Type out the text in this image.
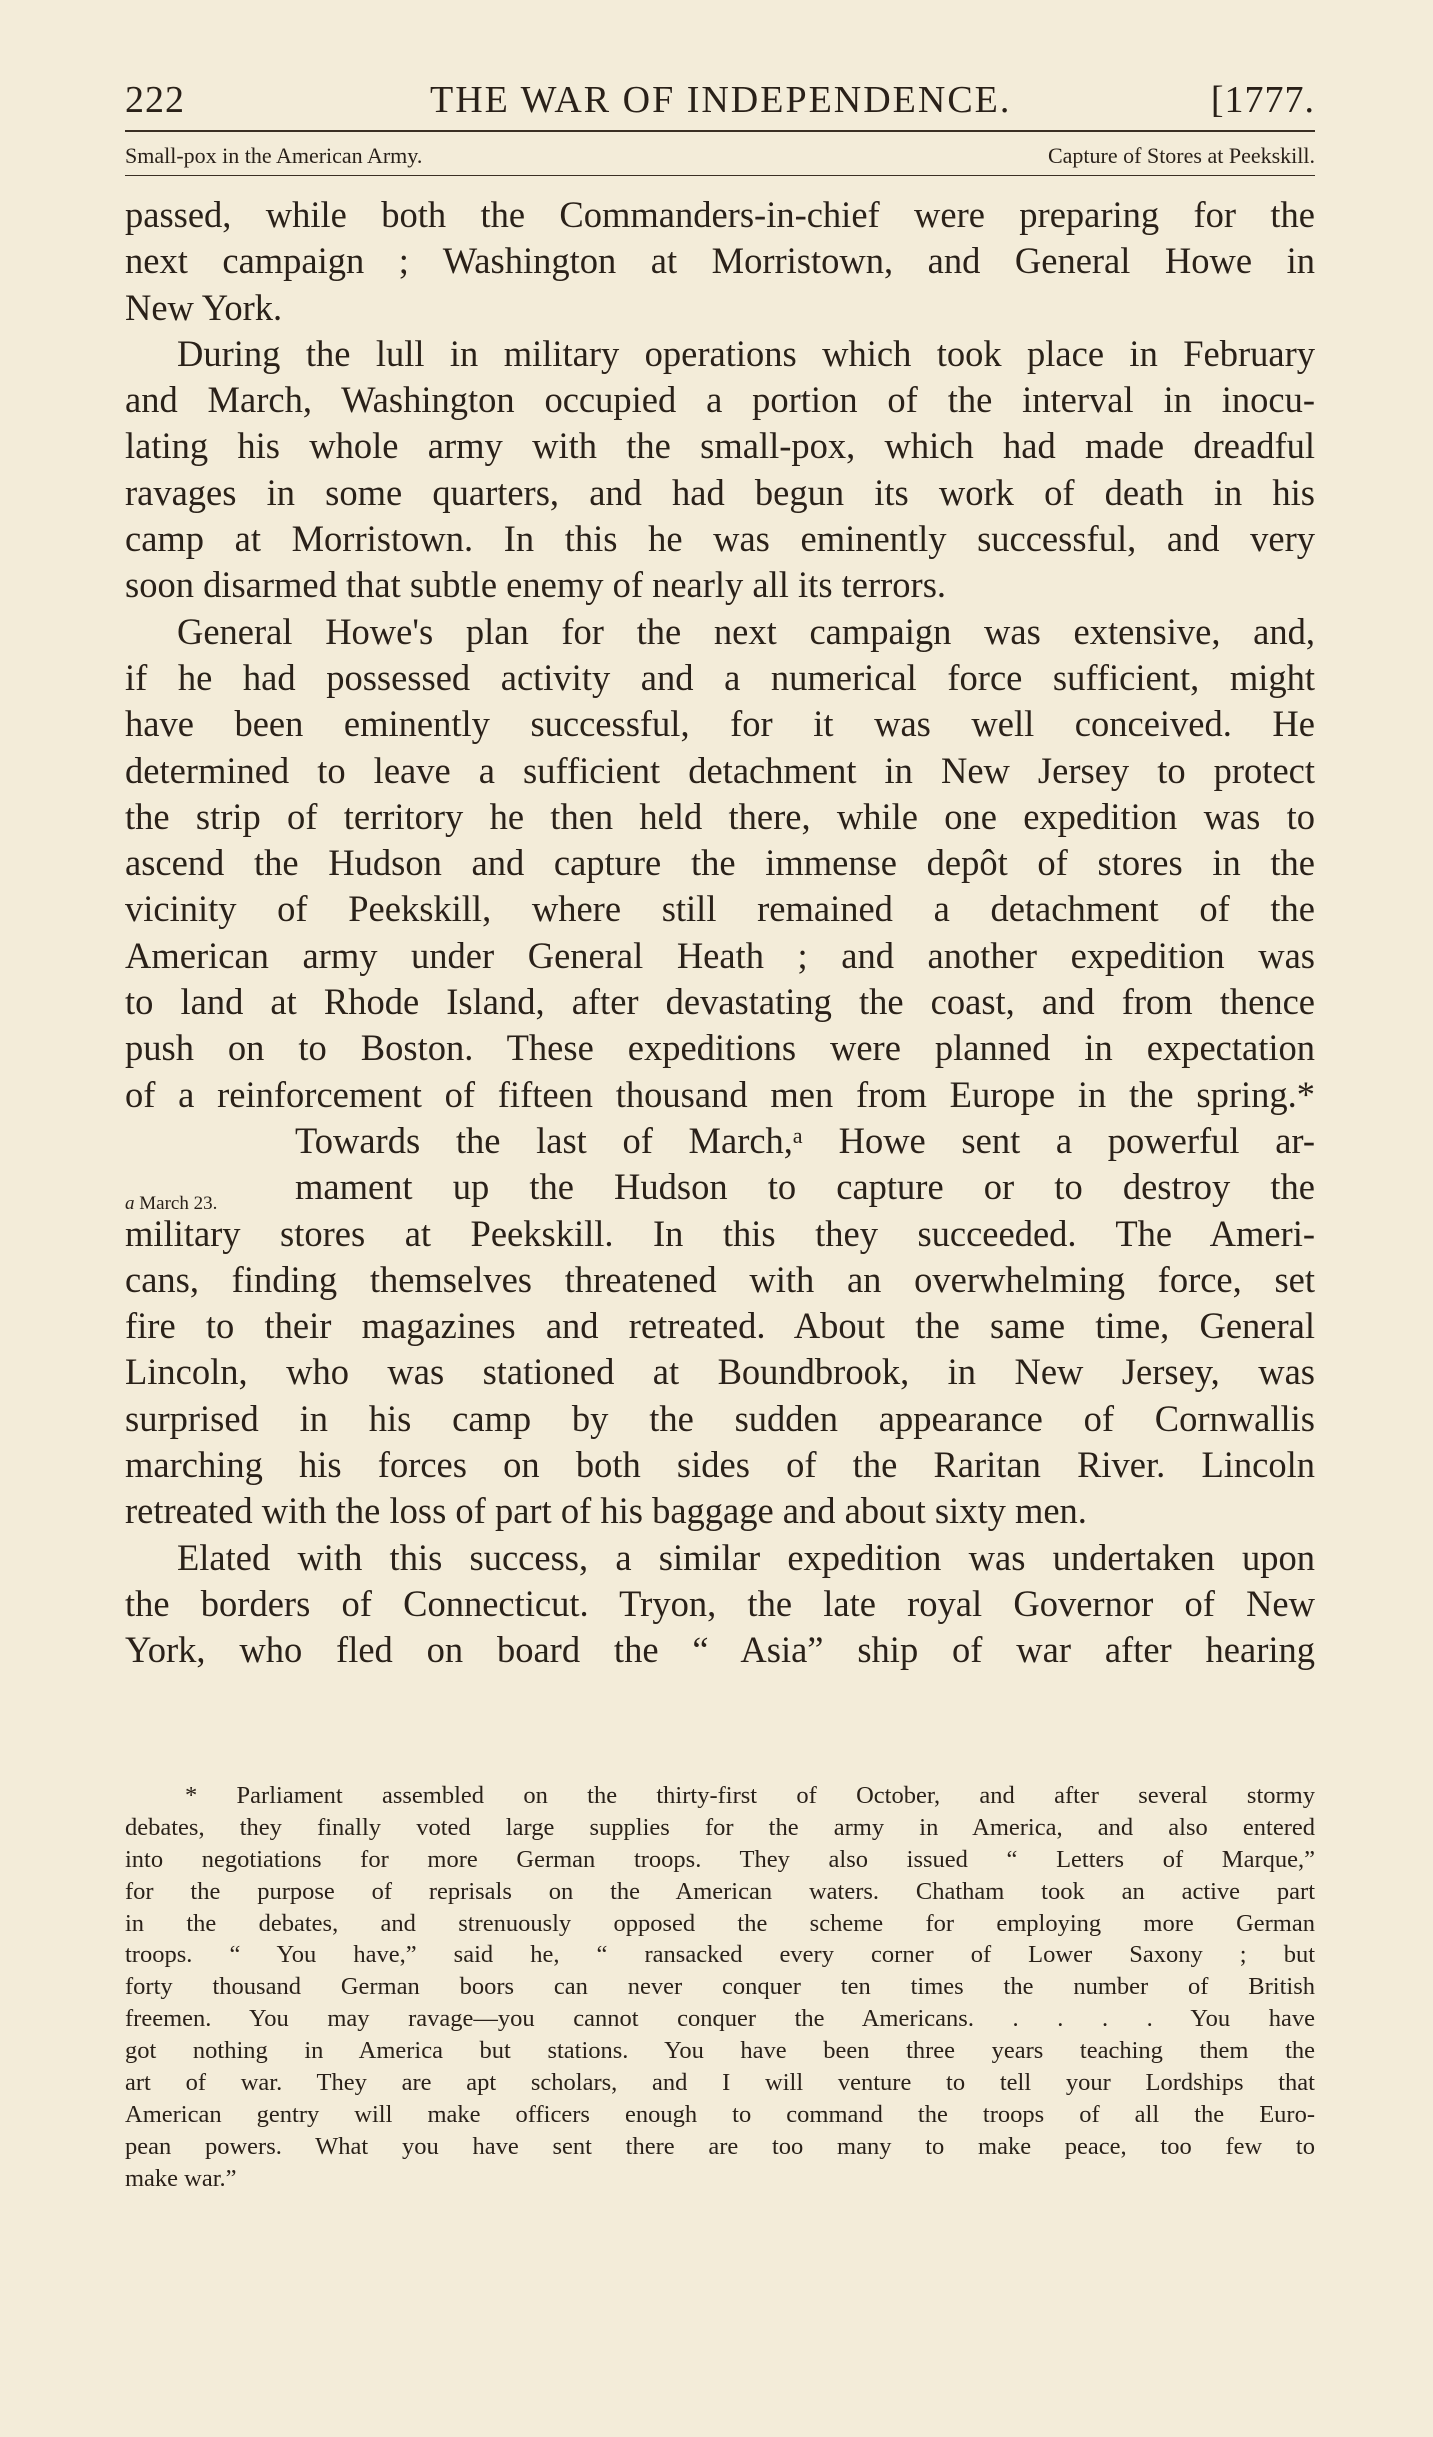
222	THE WAR OF INDEPENDENCE.	[1777.
Small-pox in the American Army.	Capture of Stores at Peekskill.
passed, while both the Commanders-in-chief were preparing for the
next campaign ; Washington at Morristown, and General Howe in
New York.
During the lull in military operations which took place in February
and March, Washington occupied a portion of the interval in inocu-
lating his whole army with the small-pox, which had made dreadful
ravages in some quarters, and had begun its work of death in his
camp at Morristown. In this he was eminently successful, and very
soon disarmed that subtle enemy of nearly all its terrors.
General Howe's plan for the next campaign was extensive, and,
if he had possessed activity and a numerical force sufficient, might
have been eminently successful, for it was well conceived. He
determined to leave a sufficient detachment in New Jersey to protect
the strip of territory he then held there, while one expedition was to
ascend the Hudson and capture the immense depôt of stores in the
vicinity of Peekskill, where still remained a detachment of the
American army under General Heath ; and another expedition was
to land at Rhode Island, after devastating the coast, and from thence
push on to Boston. These expeditions were planned in expectation
of a reinforcement of fifteen thousand men from Europe in the spring.*
Towards the last of March,ᵃ Howe sent a powerful ar-
mament up the Hudson to capture or to destroy the
military stores at Peekskill. In this they succeeded. The Ameri-
cans, finding themselves threatened with an overwhelming force, set
fire to their magazines and retreated. About the same time, General
Lincoln, who was stationed at Boundbrook, in New Jersey, was
surprised in his camp by the sudden appearance of Cornwallis
marching his forces on both sides of the Raritan River. Lincoln
retreated with the loss of part of his baggage and about sixty men.
Elated with this success, a similar expedition was undertaken upon
the borders of Connecticut. Tryon, the late royal Governor of New
York, who fled on board the “ Asia” ship of war after hearing
a March 23.
* Parliament assembled on the thirty-first of October, and after several stormy
debates, they finally voted large supplies for the army in America, and also entered
into negotiations for more German troops. They also issued “ Letters of Marque,”
for the purpose of reprisals on the American waters. Chatham took an active part
in the debates, and strenuously opposed the scheme for employing more German
troops. “ You have,” said he, “ ransacked every corner of Lower Saxony ; but
forty thousand German boors can never conquer ten times the number of British
freemen. You may ravage—you cannot conquer the Americans. . . . . You have
got nothing in America but stations. You have been three years teaching them the
art of war. They are apt scholars, and I will venture to tell your Lordships that
American gentry will make officers enough to command the troops of all the Euro-
pean powers. What you have sent there are too many to make peace, too few to
make war.”
